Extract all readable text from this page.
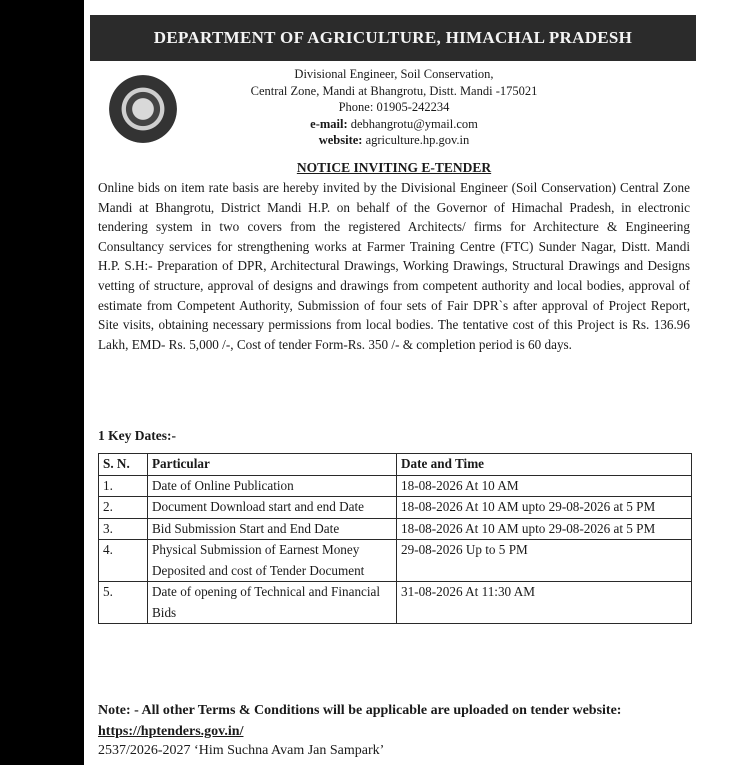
DEPARTMENT OF AGRICULTURE, HIMACHAL PRADESH
Divisional Engineer, Soil Conservation,
Central Zone, Mandi at Bhangrotu, Distt. Mandi -175021
Phone: 01905-242234
e-mail: debhangrotu@ymail.com
website: agriculture.hp.gov.in
NOTICE INVITING E-TENDER
Online bids on item rate basis are hereby invited by the Divisional Engineer (Soil Conservation) Central Zone Mandi at Bhangrotu, District Mandi H.P. on behalf of the Governor of Himachal Pradesh, in electronic tendering system in two covers from the registered Architects/ firms for Architecture & Engineering Consultancy services for strengthening works at Farmer Training Centre (FTC) Sunder Nagar, Distt. Mandi H.P. S.H:- Preparation of DPR, Architectural Drawings, Working Drawings, Structural Drawings and Designs vetting of structure, approval of designs and drawings from competent authority and local bodies, approval of estimate from Competent Authority, Submission of four sets of Fair DPR`s after approval of Project Report, Site visits, obtaining necessary permissions from local bodies. The tentative cost of this Project is Rs. 136.96 Lakh, EMD- Rs. 5,000 /-, Cost of tender Form-Rs. 350 /- & completion period is 60 days.
1 Key Dates:-
S. N.	Particular	Date and Time
1.	Date of Online Publication	18-08-2026 At 10 AM
2.	Document Download start and end Date	18-08-2026 At 10 AM upto 29-08-2026 at 5 PM
3.	Bid Submission Start and End Date	18-08-2026 At 10 AM upto 29-08-2026 at 5 PM
4.	Physical Submission of Earnest Money Deposited and cost of Tender Document	29-08-2026 Up to 5 PM
5.	Date of opening of Technical and Financial Bids	31-08-2026 At 11:30 AM
Note: - All other Terms & Conditions will be applicable are uploaded on tender website: https://hptenders.gov.in/
2537/2026-2027 ‘Him Suchna Avam Jan Sampark’
